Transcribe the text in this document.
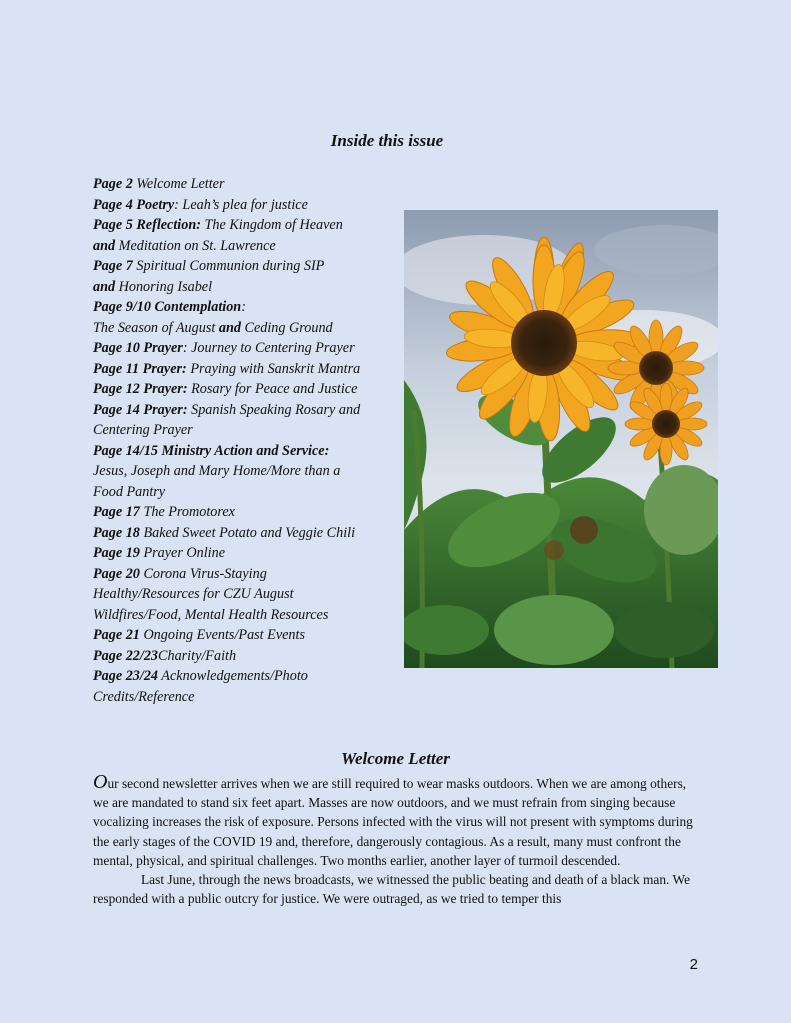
Inside this issue
Page 2 Welcome Letter
Page 4 Poetry: Leah’s plea for justice
Page 5 Reflection: The Kingdom of Heaven
and Meditation on St. Lawrence
Page 7 Spiritual Communion during SIP
and Honoring Isabel
Page 9/10 Contemplation:
The Season of August and Ceding Ground
Page 10 Prayer: Journey to Centering Prayer
Page 11 Prayer: Praying with Sanskrit Mantra
Page 12 Prayer: Rosary for Peace and Justice
Page 14 Prayer: Spanish Speaking Rosary and
Centering Prayer
Page 14/15 Ministry Action and Service:
Jesus, Joseph and Mary Home/More than a
Food Pantry
Page 17 The Promotorex
Page 18 Baked Sweet Potato and Veggie Chili
Page 19 Prayer Online
Page 20 Corona Virus-Staying
Healthy/Resources for CZU August
Wildfires/Food, Mental Health Resources
Page 21 Ongoing Events/Past Events
Page 22/23Charity/Faith
Page 23/24 Acknowledgements/Photo
Credits/Reference
Welcome Letter

Our second newsletter arrives when we are still required to wear masks outdoors. When we are among others, we are mandated to stand six feet apart. Masses are now outdoors, and we must refrain from singing because vocalizing increases the risk of exposure. Persons infected with the virus will not present with symptoms during the early stages of the COVID 19 and, therefore, dangerously contagious. As a result, many must confront the mental, physical, and spiritual challenges. Two months earlier, another layer of turmoil descended.

Last June, through the news broadcasts, we witnessed the public beating and death of a black man. We responded with a public outcry for justice. We were outraged, as we tried to temper this

2
